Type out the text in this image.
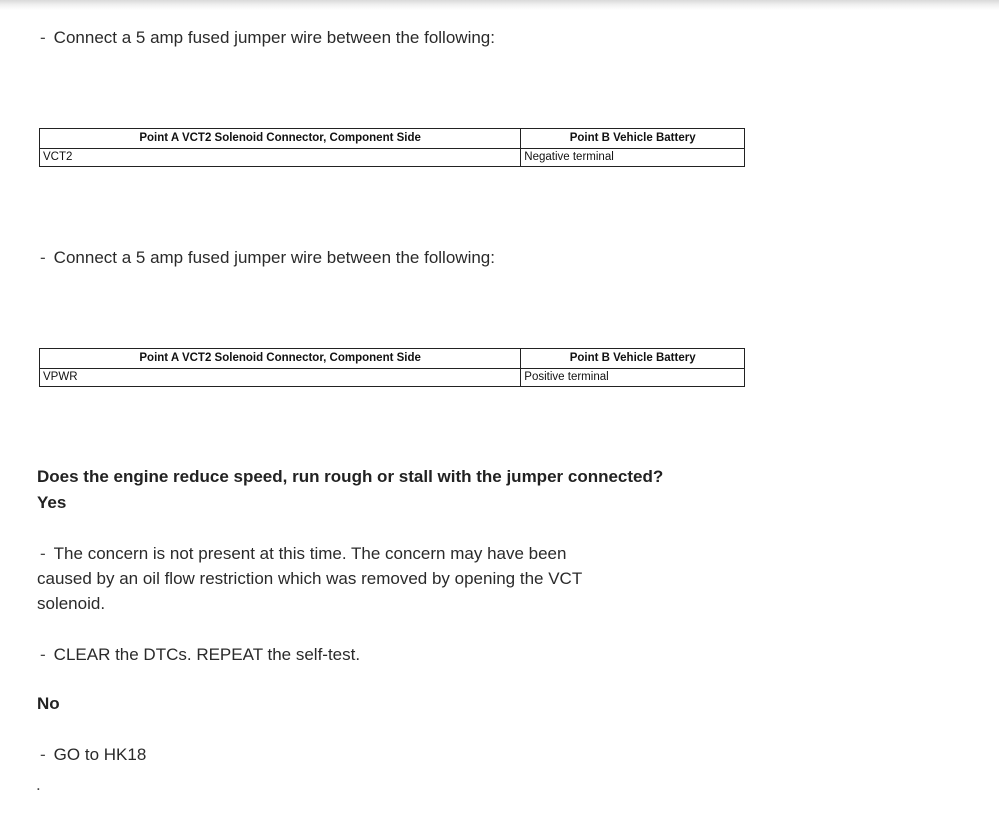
- Connect a 5 amp fused jumper wire between the following:
Point A VCT2 Solenoid Connector, Component Side	Point B Vehicle Battery
VCT2	Negative terminal
- Connect a 5 amp fused jumper wire between the following:
Point A VCT2 Solenoid Connector, Component Side	Point B Vehicle Battery
VPWR	Positive terminal
Does the engine reduce speed, run rough or stall with the jumper connected?
Yes
- The concern is not present at this time. The concern may have been caused by an oil flow restriction which was removed by opening the VCT solenoid.
- CLEAR the DTCs. REPEAT the self-test.
No
- GO to HK18
.
